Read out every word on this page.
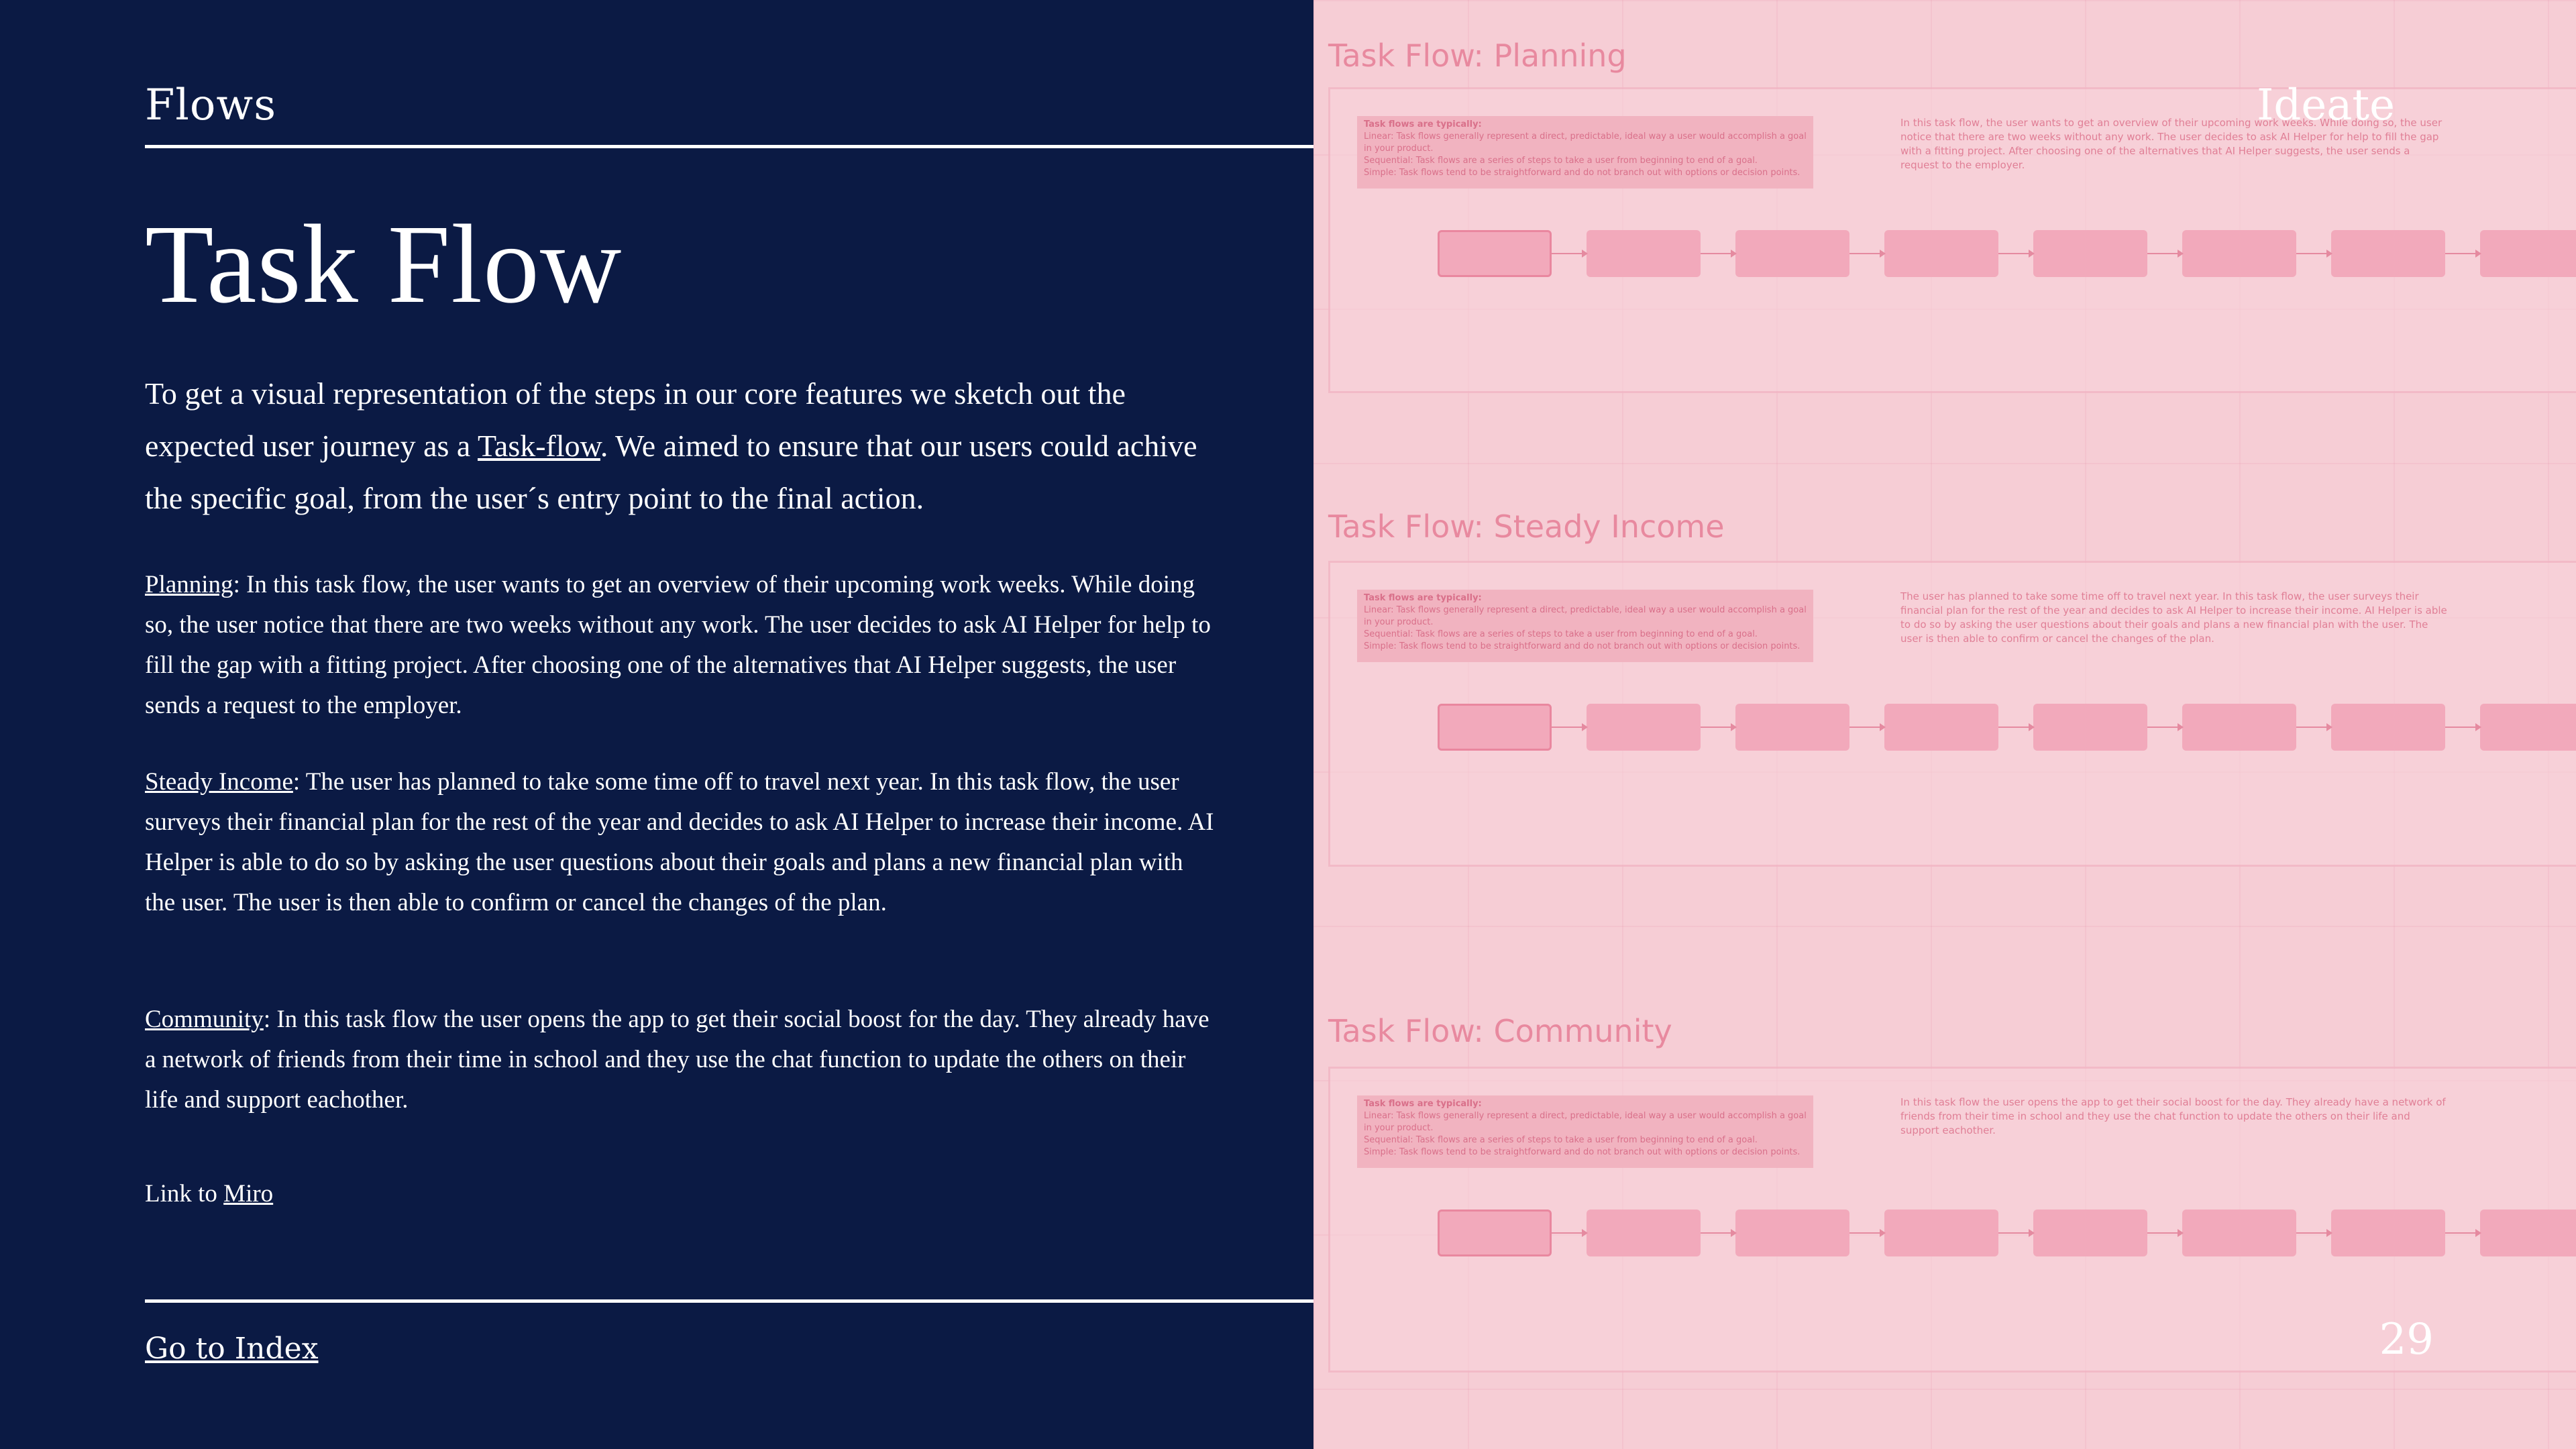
Flows
Task Flow
To get a visual representation of the steps in our core features we sketch out the expected user journey as a Task-flow. We aimed to ensure that our users could achive the specific goal, from the user´s entry point to the final action.
Planning: In this task flow, the user wants to get an overview of their upcoming work weeks. While doing so, the user notice that there are two weeks without any work. The user decides to ask AI Helper for help to fill the gap with a fitting project. After choosing one of the alternatives that AI Helper suggests, the user sends a request to the employer.
Steady Income: The user has planned to take some time off to travel next year. In this task flow, the user surveys their financial plan for the rest of the year and decides to ask AI Helper to increase their income. AI Helper is able to do so by asking the user questions about their goals and plans a new financial plan with the user. The user is then able to confirm or cancel the changes of the plan.
Community: In this task flow the user opens the app to get their social boost for the day. They already have a network of friends from their time in school and they use the chat function to update the others on their life and support eachother.
Link to Miro
Go to Index
Task Flow: Planning
Task flows are typically:
Linear: Task flows generally represent a direct, predictable, ideal way a user would accomplish a goal in your product.
Sequential: Task flows are a series of steps to take a user from beginning to end of a goal.
Simple: Task flows tend to be straightforward and do not branch out with options or decision points.
In this task flow, the user wants to get an overview of their upcoming work weeks. While doing so, the user notice that there are two weeks without any work. The user decides to ask AI Helper for help to fill the gap with a fitting project. After choosing one of the alternatives that AI Helper suggests, the user sends a request to the employer.
Task Flow: Steady Income
Task flows are typically:
Linear: Task flows generally represent a direct, predictable, ideal way a user would accomplish a goal in your product.
Sequential: Task flows are a series of steps to take a user from beginning to end of a goal.
Simple: Task flows tend to be straightforward and do not branch out with options or decision points.
The user has planned to take some time off to travel next year. In this task flow, the user surveys their financial plan for the rest of the year and decides to ask AI Helper to increase their income. AI Helper is able to do so by asking the user questions about their goals and plans a new financial plan with the user. The user is then able to confirm or cancel the changes of the plan.
Task Flow: Community
Task flows are typically:
Linear: Task flows generally represent a direct, predictable, ideal way a user would accomplish a goal in your product.
Sequential: Task flows are a series of steps to take a user from beginning to end of a goal.
Simple: Task flows tend to be straightforward and do not branch out with options or decision points.
In this task flow the user opens the app to get their social boost for the day. They already have a network of friends from their time in school and they use the chat function to update the others on their life and support eachother.
Ideate
29
